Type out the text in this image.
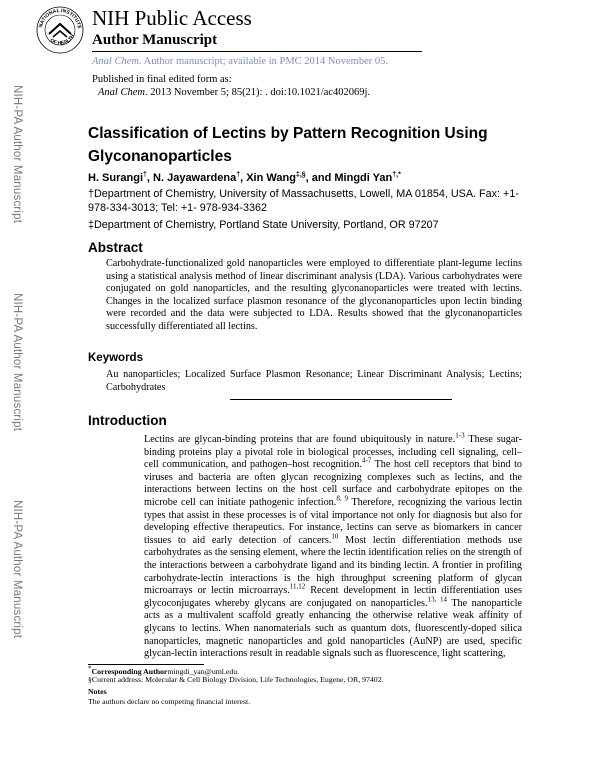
NATIONAL INSTITUTE
OF HEALTH
NIH Public Access
Author Manuscript
Anal Chem. Author manuscript; available in PMC 2014 November 05.
Published in final edited form as:
Anal Chem. 2013 November 5; 85(21): . doi:10.1021/ac402069j.
NIH-PA Author Manuscript
NIH-PA Author Manuscript
NIH-PA Author Manuscript
Classification of Lectins by Pattern Recognition Using Glyconanoparticles
H. Surangi†, N. Jayawardena†, Xin Wang‡,§, and Mingdi Yan†,*
†Department of Chemistry, University of Massachusetts, Lowell, MA 01854, USA. Fax: +1-978-334-3013; Tel: +1- 978-934-3362
‡Department of Chemistry, Portland State University, Portland, OR 97207
Abstract
Carbohydrate-functionalized gold nanoparticles were employed to differentiate plant-legume lectins using a statistical analysis method of linear discriminant analysis (LDA). Various carbohydrates were conjugated on gold nanoparticles, and the resulting glyconanoparticles were treated with lectins. Changes in the localized surface plasmon resonance of the glyconanoparticles upon lectin binding were recorded and the data were subjected to LDA. Results showed that the glyconanoparticles successfully differentiated all lectins.
Keywords
Au nanoparticles; Localized Surface Plasmon Resonance; Linear Discriminant Analysis; Lectins; Carbohydrates
Introduction
Lectins are glycan-binding proteins that are found ubiquitously in nature.$^{1-3}$ These sugar-binding proteins play a pivotal role in biological processes, including cell signaling, cell–cell communication, and pathogen–host recognition.$^{4-7}$ The host cell receptors that bind to viruses and bacteria are often glycan recognizing complexes such as lectins, and the interactions between lectins on the host cell surface and carbohydrate epitopes on the microbe cell can initiate pathogenic infection.$^{8, 9}$ Therefore, recognizing the various lectin types that assist in these processes is of vital importance not only for diagnosis but also for developing effective therapeutics. For instance, lectins can serve as biomarkers in cancer tissues to aid early detection of cancers.$^{10}$ Most lectin differentiation methods use carbohydrates as the sensing element, where the lectin identification relies on the strength of the interactions between a carbohydrate ligand and its binding lectin. A frontier in profiling carbohydrate-lectin interactions is the high throughput screening platform of glycan microarrays or lectin microarrays.$^{11,12}$ Recent development in lectin differentiation uses glycoconjugates whereby glycans are conjugated on nanoparticles.$^{13, 14}$ The nanoparticle acts as a multivalent scaffold greatly enhancing the otherwise relative weak affinity of glycans to lectins. When nanomaterials such as quantum dots, fluorescently-doped silica nanoparticles, magnetic nanoparticles and gold nanoparticles (AuNP) are used, specific glycan-lectin interactions result in readable signals such as fluorescence, light scattering,
*Corresponding Authormingdi_yan@uml.edu.
§Current address: Molecular & Cell Biology Division, Life Technologies, Eugene, OR, 97402.
Notes
The authors declare no competing financial interest.
